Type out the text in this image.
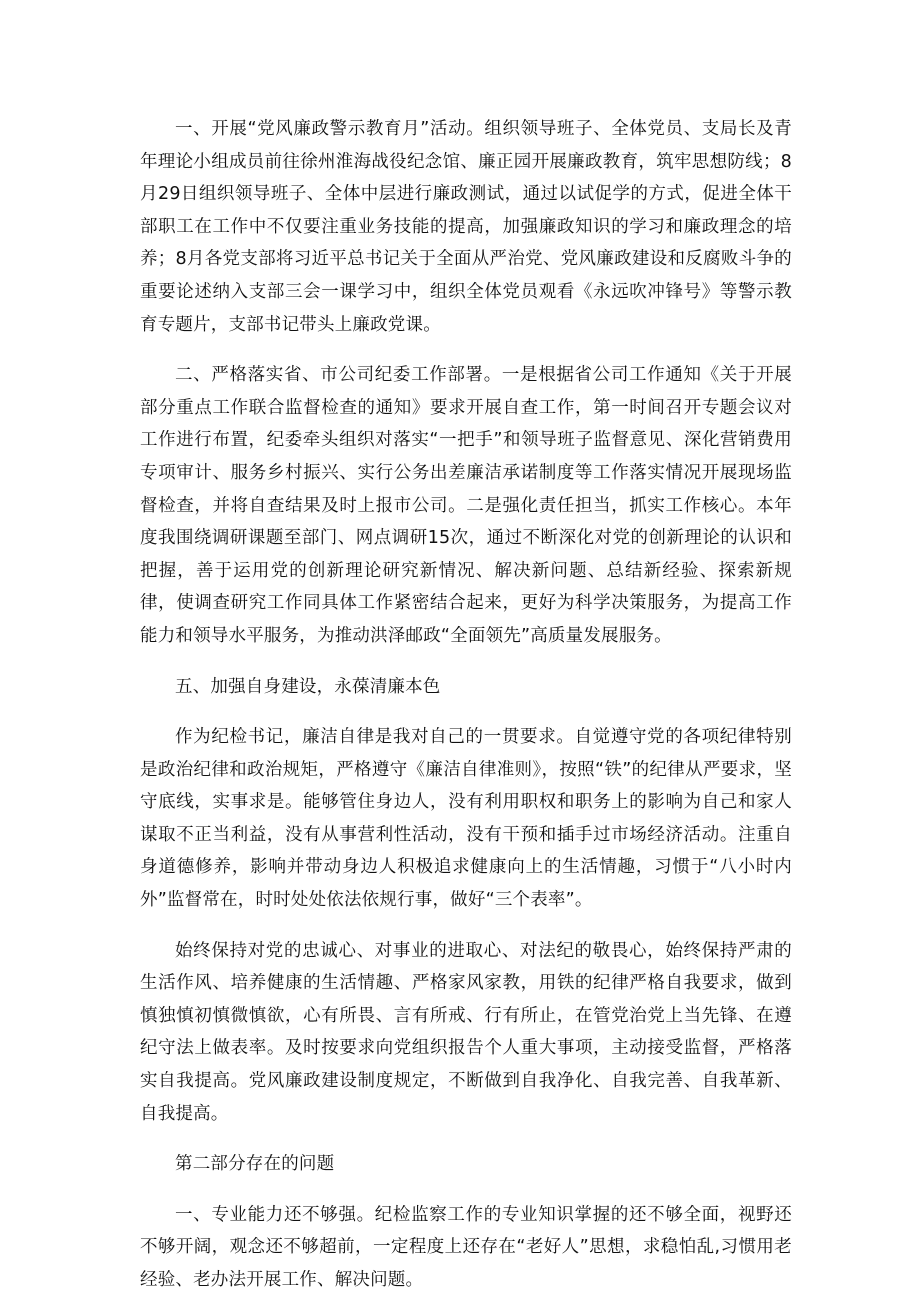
一、开展“党风廉政警示教育月”活动。组织领导班子、全体党员、支局长及青年理论小组成员前往徐州淮海战役纪念馆、廉正园开展廉政教育，筑牢思想防线；8月29日组织领导班子、全体中层进行廉政测试，通过以试促学的方式，促进全体干部职工在工作中不仅要注重业务技能的提高，加强廉政知识的学习和廉政理念的培养；8月各党支部将习近平总书记关于全面从严治党、党风廉政建设和反腐败斗争的重要论述纳入支部三会一课学习中，组织全体党员观看《永远吹冲锋号》等警示教育专题片，支部书记带头上廉政党课。

二、严格落实省、市公司纪委工作部署。一是根据省公司工作通知《关于开展部分重点工作联合监督检查的通知》要求开展自查工作，第一时间召开专题会议对工作进行布置，纪委牵头组织对落实“一把手”和领导班子监督意见、深化营销费用专项审计、服务乡村振兴、实行公务出差廉洁承诺制度等工作落实情况开展现场监督检查，并将自查结果及时上报市公司。二是强化责任担当，抓实工作核心。本年度我围绕调研课题至部门、网点调研15次，通过不断深化对党的创新理论的认识和把握，善于运用党的创新理论研究新情况、解决新问题、总结新经验、探索新规律，使调查研究工作同具体工作紧密结合起来，更好为科学决策服务，为提高工作能力和领导水平服务，为推动洪泽邮政“全面领先”高质量发展服务。

五、加强自身建设，永葆清廉本色

作为纪检书记，廉洁自律是我对自己的一贯要求。自觉遵守党的各项纪律特别是政治纪律和政治规矩，严格遵守《廉洁自律准则》，按照“铁”的纪律从严要求，坚守底线，实事求是。能够管住身边人，没有利用职权和职务上的影响为自己和家人谋取不正当利益，没有从事营利性活动，没有干预和插手过市场经济活动。注重自身道德修养，影响并带动身边人积极追求健康向上的生活情趣，习惯于“八小时内外”监督常在，时时处处依法依规行事，做好“三个表率”。

始终保持对党的忠诚心、对事业的进取心、对法纪的敬畏心，始终保持严肃的生活作风、培养健康的生活情趣、严格家风家教，用铁的纪律严格自我要求，做到慎独慎初慎微慎欲，心有所畏、言有所戒、行有所止，在管党治党上当先锋、在遵纪守法上做表率。及时按要求向党组织报告个人重大事项，主动接受监督，严格落实自我提高。党风廉政建设制度规定，不断做到自我净化、自我完善、自我革新、自我提高。

第二部分存在的问题

一、专业能力还不够强。纪检监察工作的专业知识掌握的还不够全面，视野还不够开阔，观念还不够超前，一定程度上还存在“老好人”思想，求稳怕乱,习惯用老经验、老办法开展工作、解决问题。
